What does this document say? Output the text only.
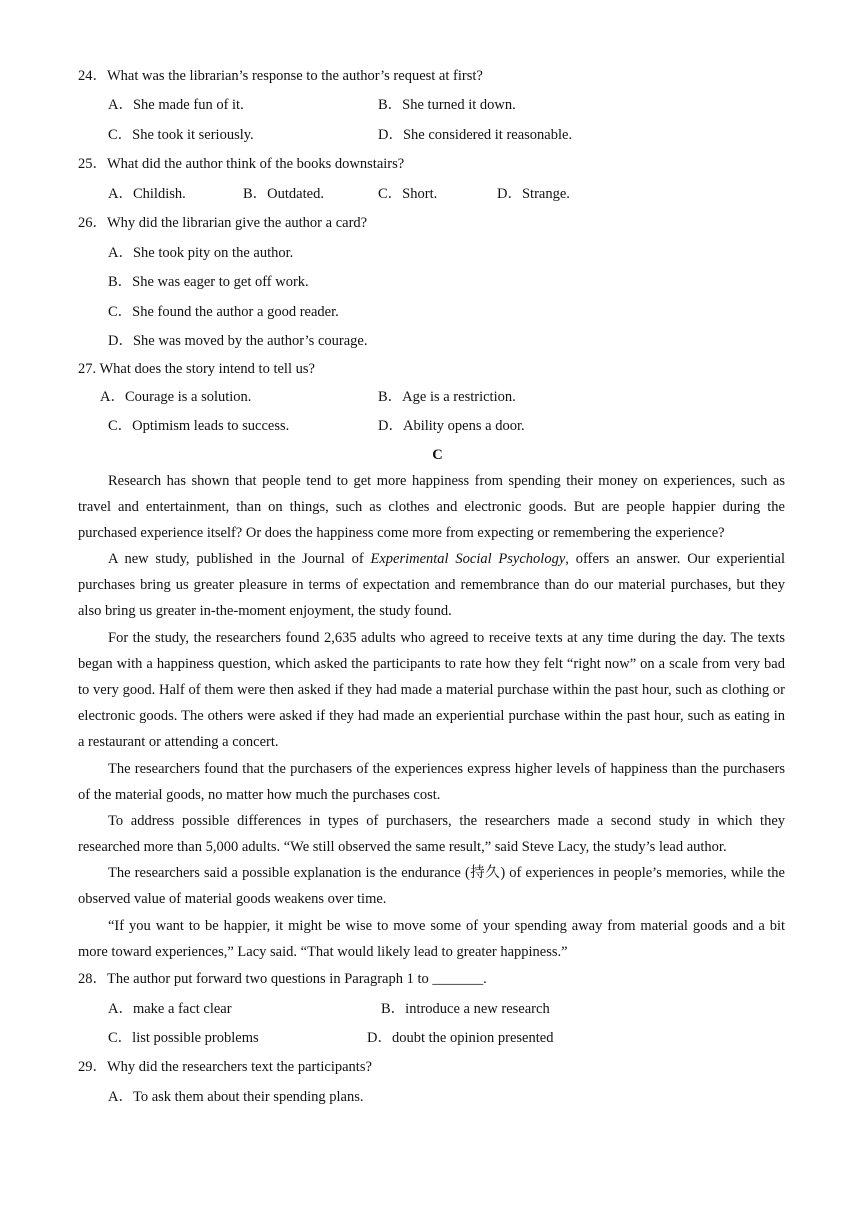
24．What was the librarian’s response to the author’s request at first?
A．She made fun of it.	B．She turned it down.
C．She took it seriously.	D．She considered it reasonable.
25．What did the author think of the books downstairs?
A．Childish.	B．Outdated.	C．Short.	D．Strange.
26．Why did the librarian give the author a card?
A．She took pity on the author.
B．She was eager to get off work.
C．She found the author a good reader.
D．She was moved by the author’s courage.
27. What does the story intend to tell us?
A．Courage is a solution.	B．Age is a restriction.
C．Optimism leads to success.	D．Ability opens a door.
C

Research has shown that people tend to get more happiness from spending their money on experiences, such as travel and entertainment, than on things, such as clothes and electronic goods. But are people happier during the purchased experience itself? Or does the happiness come more from expecting or remembering the experience?

A new study, published in the Journal of Experimental Social Psychology, offers an answer. Our experiential purchases bring us greater pleasure in terms of expectation and remembrance than do our material purchases, but they also bring us greater in-the-moment enjoyment, the study found.

For the study, the researchers found 2,635 adults who agreed to receive texts at any time during the day. The texts began with a happiness question, which asked the participants to rate how they felt “right now” on a scale from very bad to very good. Half of them were then asked if they had made a material purchase within the past hour, such as clothing or electronic goods. The others were asked if they had made an experiential purchase within the past hour, such as eating in a restaurant or attending a concert.

The researchers found that the purchasers of the experiences express higher levels of happiness than the purchasers of the material goods, no matter how much the purchases cost.

To address possible differences in types of purchasers, the researchers made a second study in which they researched more than 5,000 adults. “We still observed the same result,” said Steve Lacy, the study’s lead author.

The researchers said a possible explanation is the endurance (持久) of experiences in people’s memories, while the observed value of material goods weakens over time.

“If you want to be happier, it might be wise to move some of your spending away from material goods and a bit more toward experiences,” Lacy said. “That would likely lead to greater happiness.”

28．The author put forward two questions in Paragraph 1 to _______.
A．make a fact clear	B．introduce a new research
C．list possible problems	D．doubt the opinion presented
29．Why did the researchers text the participants?
A．To ask them about their spending plans.
